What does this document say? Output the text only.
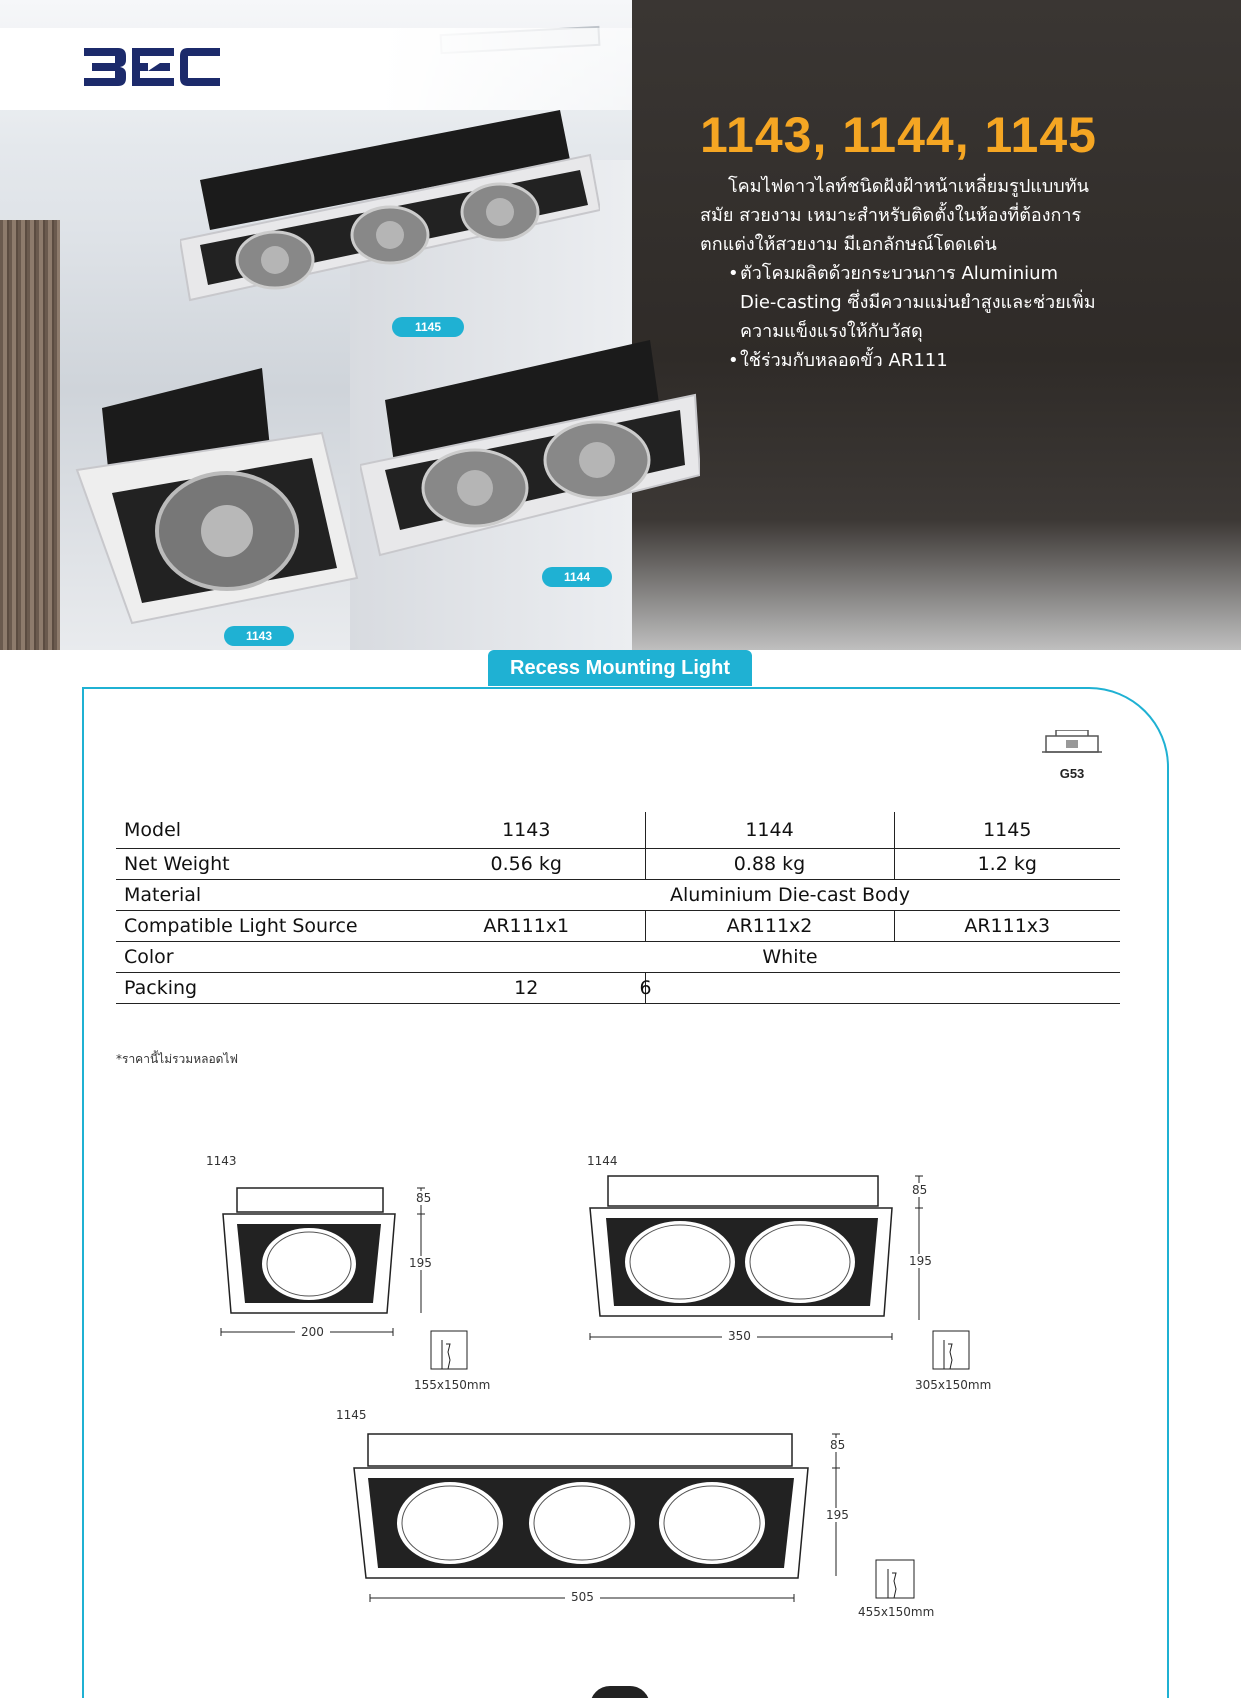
1143, 1144, 1145

โคมไฟดาวไลท์ชนิดฝังฝ้าหน้าเหลี่ยมรูปแบบทันสมัย สวยงาม เหมาะสำหรับติดตั้งในห้องที่ต้องการตกแต่งให้สวยงาม มีเอกลักษณ์โดดเด่น

• ตัวโคมผลิตด้วยกระบวนการ Aluminium Die-casting ซึ่งมีความแม่นยำสูงและช่วยเพิ่มความแข็งแรงให้กับวัสดุ
• ใช้ร่วมกับหลอดขั้ว AR111
1145
1143
1144
Recess Mounting Light
SPECIFICATIONS	G53
Model	1143	1144	1145
Net Weight	0.56 kg	0.88 kg	1.2 kg
Material	Aluminium Die-cast Body		
Compatible Light Source	AR111x1	AR111x2	AR111x3
Color	White		
Packing	12	6	
*ราคานี้ไม่รวมหลอดไฟ
DIMENSIONS (mm)
1143
85
195
200
155x150mm
1144
85
195
350
305x150mm
1145
85
195
505
455x150mm
